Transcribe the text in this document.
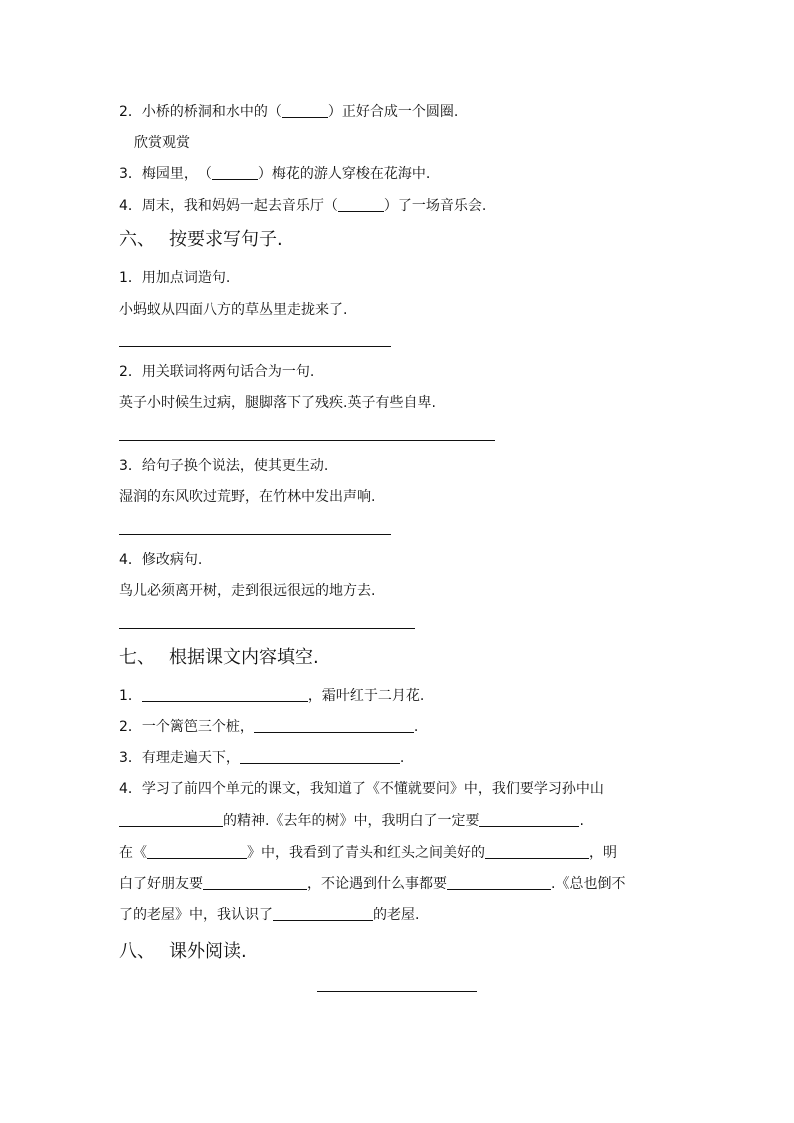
2．小桥的桥洞和水中的（	）正好合成一个圆圈.
欣赏观赏
3．梅园里，（	）梅花的游人穿梭在花海中.
4．周末，我和妈妈一起去音乐厅（	）了一场音乐会.
六、 按要求写句子.
1．用加点词造句.
小蚂蚁从四面八方的草丛里走拢来了.
2．用关联词将两句话合为一句.
英子小时候生过病，腿脚落下了残疾.英子有些自卑.
3．给句子换个说法，使其更生动.
湿润的东风吹过荒野，在竹林中发出声响.
4．修改病句.
鸟儿必须离开树，走到很远很远的地方去.
七、 根据课文内容填空.
1．	，霜叶红于二月花.
2．一个篱笆三个桩，	.
3．有理走遍天下，	.
4．学习了前四个单元的课文，我知道了《不懂就要问》中，我们要学习孙中山
的精神.《去年的树》中，我明白了一定要	.
在《	》中，我看到了青头和红头之间美好的	，明
白了好朋友要	，不论遇到什么事都要	.《总也倒不
了的老屋》中，我认识了	的老屋.
八、 课外阅读.
